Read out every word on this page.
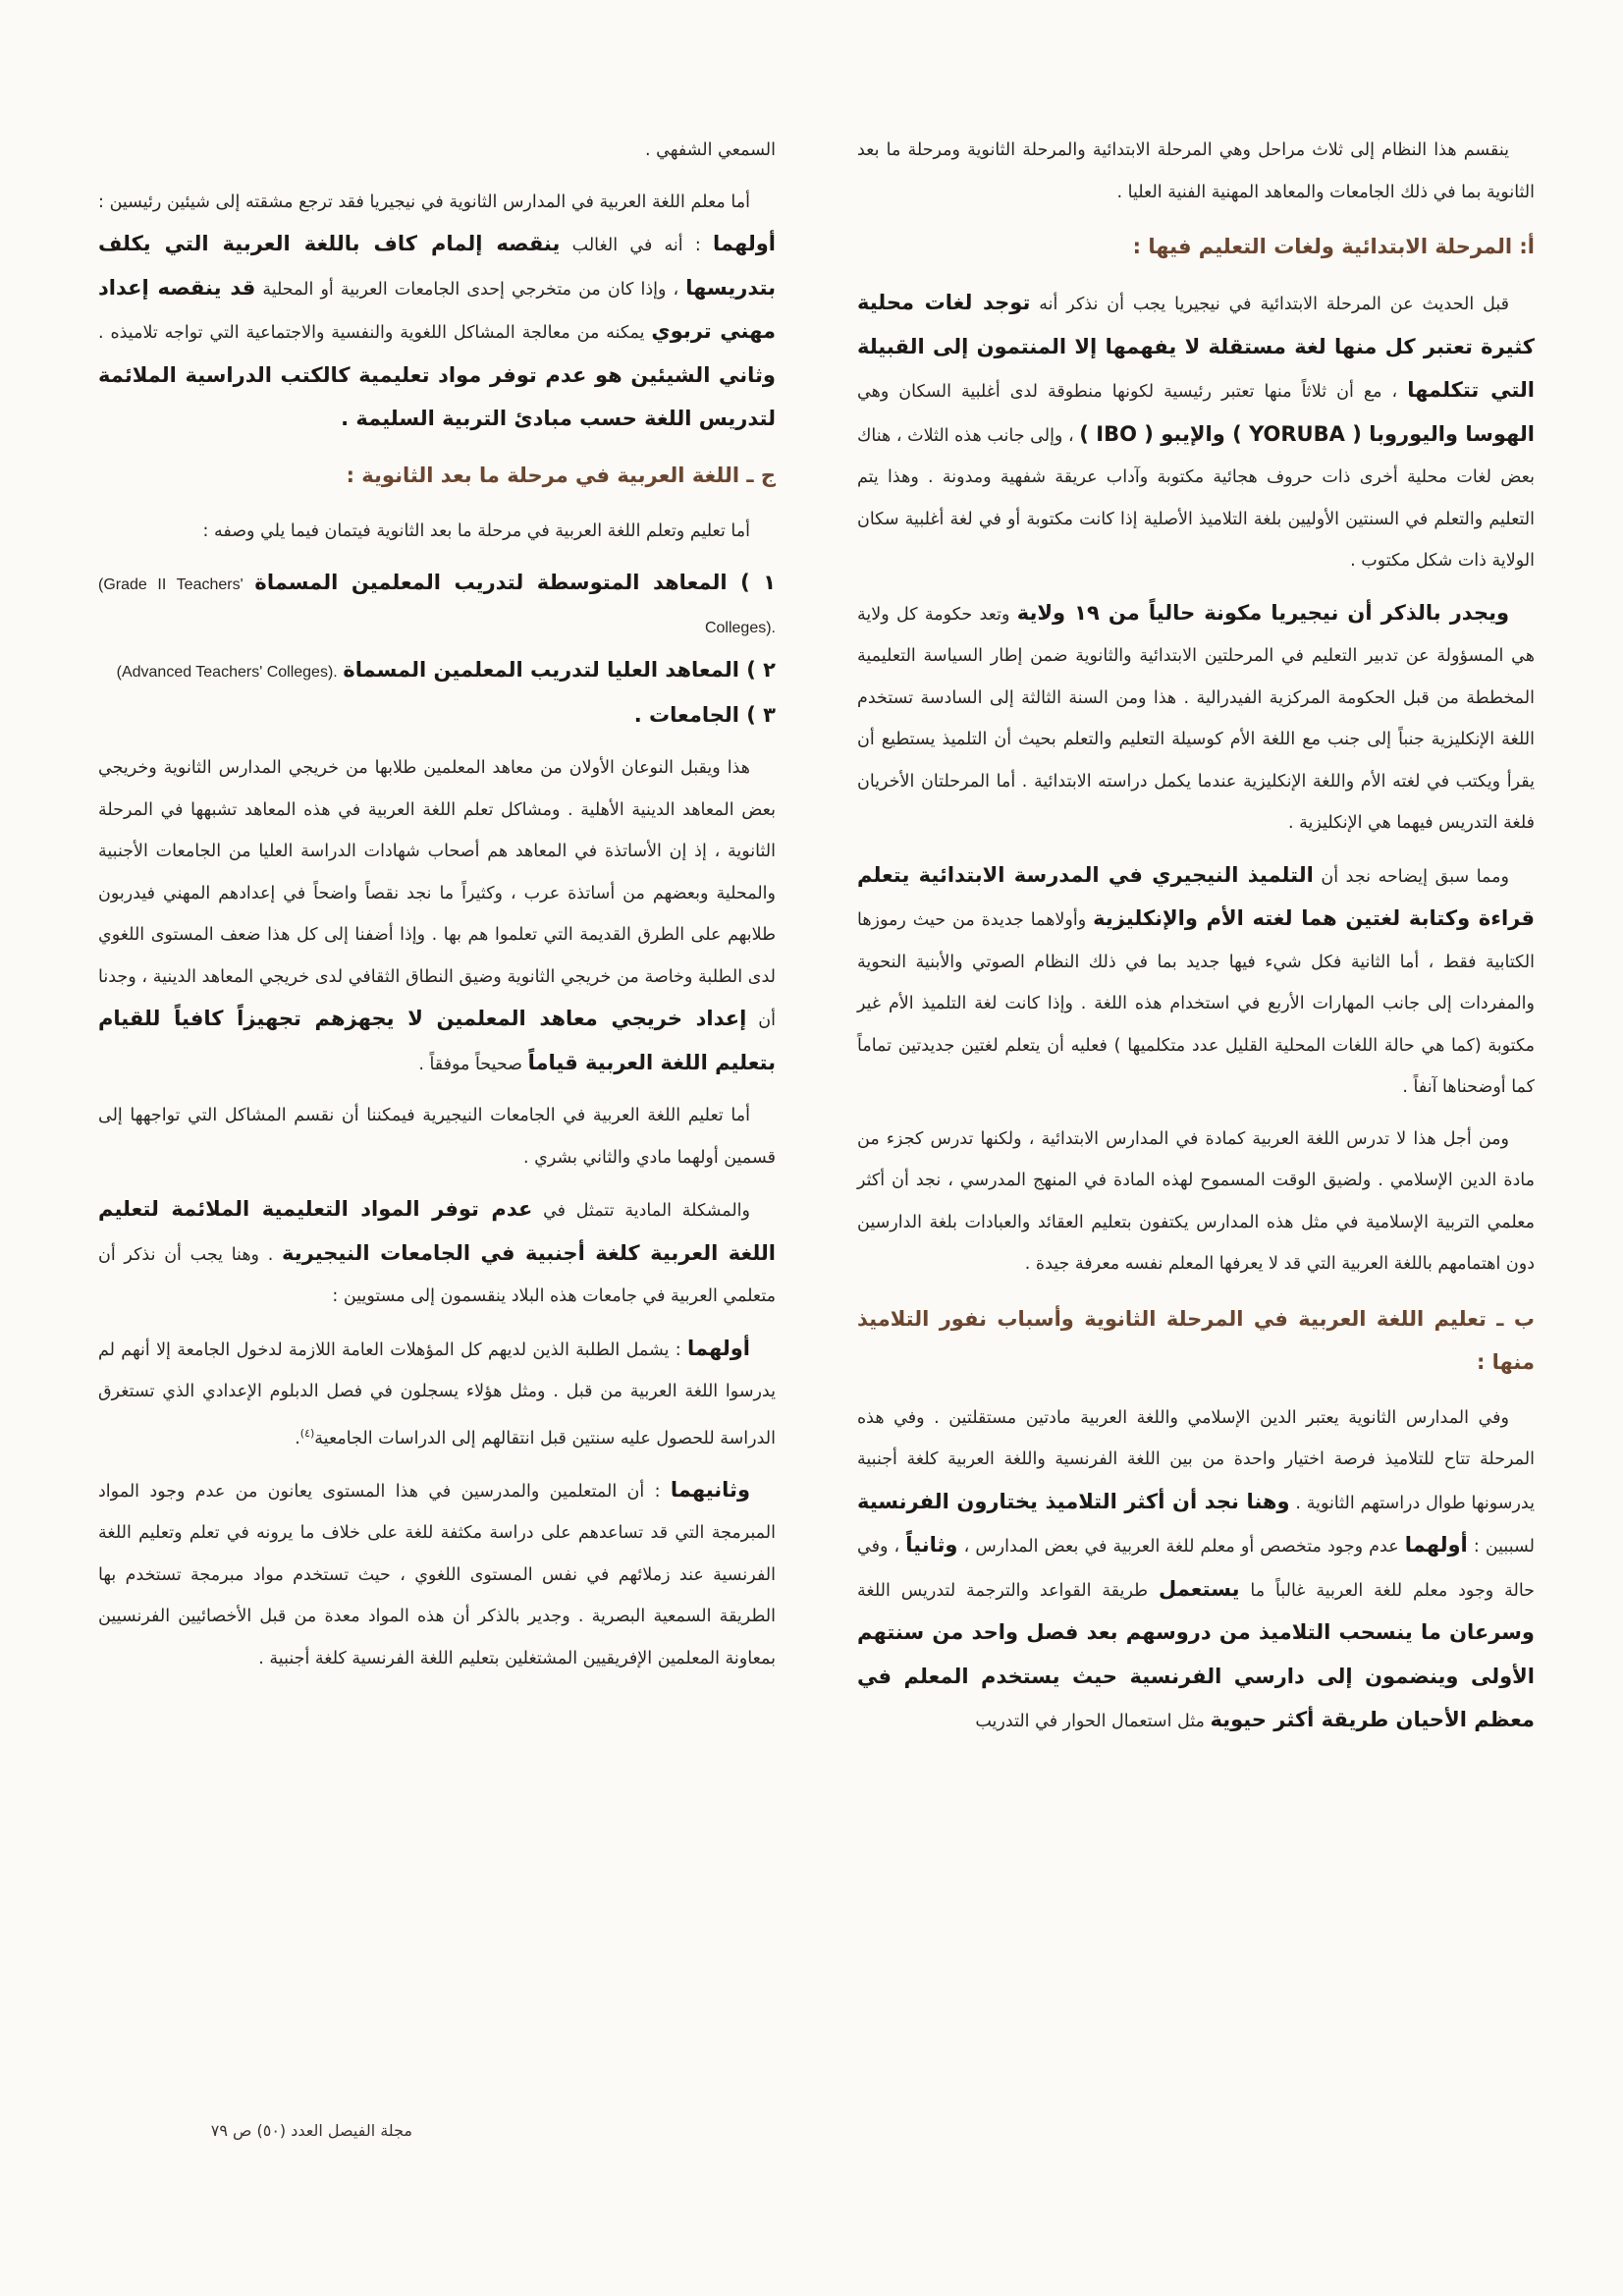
ينقسم هذا النظام إلى ثلاث مراحل وهي المرحلة الابتدائية والمرحلة الثانوية ومرحلة ما بعد الثانوية بما في ذلك الجامعات والمعاهد المهنية الفنية العليا .

أ: المرحلة الابتدائية ولغات التعليم فيها :

قبل الحديث عن المرحلة الابتدائية في نيجيريا يجب أن نذكر أنه توجد لغات محلية كثيرة تعتبر كل منها لغة مستقلة لا يفهمها إلا المنتمون إلى القبيلة التي تتكلمها ، مع أن ثلاثاً منها تعتبر رئيسية لكونها منطوقة لدى أغلبية السكان وهي الهوسا واليوروبا ( YORUBA ) والإيبو ( IBO ) ، وإلى جانب هذه الثلاث ، هناك بعض لغات محلية أخرى ذات حروف هجائية مكتوبة وآداب عريقة شفهية ومدونة . وهذا يتم التعليم والتعلم في السنتين الأوليين بلغة التلاميذ الأصلية إذا كانت مكتوبة أو في لغة أغلبية سكان الولاية ذات شكل مكتوب .

ويجدر بالذكر أن نيجيريا مكونة حالياً من ١٩ ولاية وتعد حكومة كل ولاية هي المسؤولة عن تدبير التعليم في المرحلتين الابتدائية والثانوية ضمن إطار السياسة التعليمية المخططة من قبل الحكومة المركزية الفيدرالية . هذا ومن السنة الثالثة إلى السادسة تستخدم اللغة الإنكليزية جنباً إلى جنب مع اللغة الأم كوسيلة التعليم والتعلم بحيث أن التلميذ يستطيع أن يقرأ ويكتب في لغته الأم واللغة الإنكليزية عندما يكمل دراسته الابتدائية . أما المرحلتان الأخريان فلغة التدريس فيهما هي الإنكليزية .

ومما سبق إيضاحه نجد أن التلميذ النيجيري في المدرسة الابتدائية يتعلم قراءة وكتابة لغتين هما لغته الأم والإنكليزية وأولاهما جديدة من حيث رموزها الكتابية فقط ، أما الثانية فكل شيء فيها جديد بما في ذلك النظام الصوتي والأبنية النحوية والمفردات إلى جانب المهارات الأربع في استخدام هذه اللغة . وإذا كانت لغة التلميذ الأم غير مكتوبة (كما هي حالة اللغات المحلية القليل عدد متكلميها ) فعليه أن يتعلم لغتين جديدتين تماماً كما أوضحناها آنفاً .

ومن أجل هذا لا تدرس اللغة العربية كمادة في المدارس الابتدائية ، ولكنها تدرس كجزء من مادة الدين الإسلامي . ولضيق الوقت المسموح لهذه المادة في المنهج المدرسي ، نجد أن أكثر معلمي التربية الإسلامية في مثل هذه المدارس يكتفون بتعليم العقائد والعبادات بلغة الدارسين دون اهتمامهم باللغة العربية التي قد لا يعرفها المعلم نفسه معرفة جيدة .

ب ـ تعليم اللغة العربية في المرحلة الثانوية وأسباب نفور التلاميذ منها :

وفي المدارس الثانوية يعتبر الدين الإسلامي واللغة العربية مادتين مستقلتين . وفي هذه المرحلة تتاح للتلاميذ فرصة اختيار واحدة من بين اللغة الفرنسية واللغة العربية كلغة أجنبية يدرسونها طوال دراستهم الثانوية . وهنا نجد أن أكثر التلاميذ يختارون الفرنسية لسببين : أولهما عدم وجود متخصص أو معلم للغة العربية في بعض المدارس ، وثانياً ، وفي حالة وجود معلم للغة العربية غالباً ما يستعمل طريقة القواعد والترجمة لتدريس اللغة وسرعان ما ينسحب التلاميذ من دروسهم بعد فصل واحد من سنتهم الأولى وينضمون إلى دارسي الفرنسية حيث يستخدم المعلم في معظم الأحيان طريقة أكثر حيوية مثل استعمال الحوار في التدريب

السمعي الشفهي .

أما معلم اللغة العربية في المدارس الثانوية في نيجيريا فقد ترجع مشقته إلى شيئين رئيسين : أولهما : أنه في الغالب ينقصه إلمام كاف باللغة العربية التي يكلف بتدريسها ، وإذا كان من متخرجي إحدى الجامعات العربية أو المحلية قد ينقصه إعداد مهني تربوي يمكنه من معالجة المشاكل اللغوية والنفسية والاجتماعية التي تواجه تلاميذه . وثاني الشيئين هو عدم توفر مواد تعليمية كالكتب الدراسية الملائمة لتدريس اللغة حسب مبادئ التربية السليمة .

ج ـ اللغة العربية في مرحلة ما بعد الثانوية :

أما تعليم وتعلم اللغة العربية في مرحلة ما بعد الثانوية فيتمان فيما يلي وصفه :

١ ) المعاهد المتوسطة لتدريب المعلمين المسماة (Grade II Teachers' Colleges).

٢ ) المعاهد العليا لتدريب المعلمين المسماة (Advanced Teachers' Colleges).

٣ ) الجامعات .

هذا ويقبل النوعان الأولان من معاهد المعلمين طلابها من خريجي المدارس الثانوية وخريجي بعض المعاهد الدينية الأهلية . ومشاكل تعلم اللغة العربية في هذه المعاهد تشبهها في المرحلة الثانوية ، إذ إن الأساتذة في المعاهد هم أصحاب شهادات الدراسة العليا من الجامعات الأجنبية والمحلية وبعضهم من أساتذة عرب ، وكثيراً ما نجد نقصاً واضحاً في إعدادهم المهني فيدربون طلابهم على الطرق القديمة التي تعلموا هم بها . وإذا أضفنا إلى كل هذا ضعف المستوى اللغوي لدى الطلبة وخاصة من خريجي الثانوية وضيق النطاق الثقافي لدى خريجي المعاهد الدينية ، وجدنا أن إعداد خريجي معاهد المعلمين لا يجهزهم تجهيزاً كافياً للقيام بتعليم اللغة العربية قياماً صحيحاً موفقاً .

أما تعليم اللغة العربية في الجامعات النيجيرية فيمكننا أن نقسم المشاكل التي تواجهها إلى قسمين أولهما مادي والثاني بشري .

والمشكلة المادية تتمثل في عدم توفر المواد التعليمية الملائمة لتعليم اللغة العربية كلغة أجنبية في الجامعات النيجيرية . وهنا يجب أن نذكر أن متعلمي العربية في جامعات هذه البلاد ينقسمون إلى مستويين :

أولهما : يشمل الطلبة الذين لديهم كل المؤهلات العامة اللازمة لدخول الجامعة إلا أنهم لم يدرسوا اللغة العربية من قبل . ومثل هؤلاء يسجلون في فصل الدبلوم الإعدادي الذي تستغرق الدراسة للحصول عليه سنتين قبل انتقالهم إلى الدراسات الجامعية$^{(٤)}$.

وثانيهما : أن المتعلمين والمدرسين في هذا المستوى يعانون من عدم وجود المواد المبرمجة التي قد تساعدهم على دراسة مكثفة للغة على خلاف ما يرونه في تعلم وتعليم اللغة الفرنسية عند زملائهم في نفس المستوى اللغوي ، حيث تستخدم مواد مبرمجة تستخدم بها الطريقة السمعية البصرية . وجدير بالذكر أن هذه المواد معدة من قبل الأخصائيين الفرنسيين بمعاونة المعلمين الإفريقيين المشتغلين بتعليم اللغة الفرنسية كلغة أجنبية .

مجلة الفيصل العدد (٥٠) ص ٧٩
